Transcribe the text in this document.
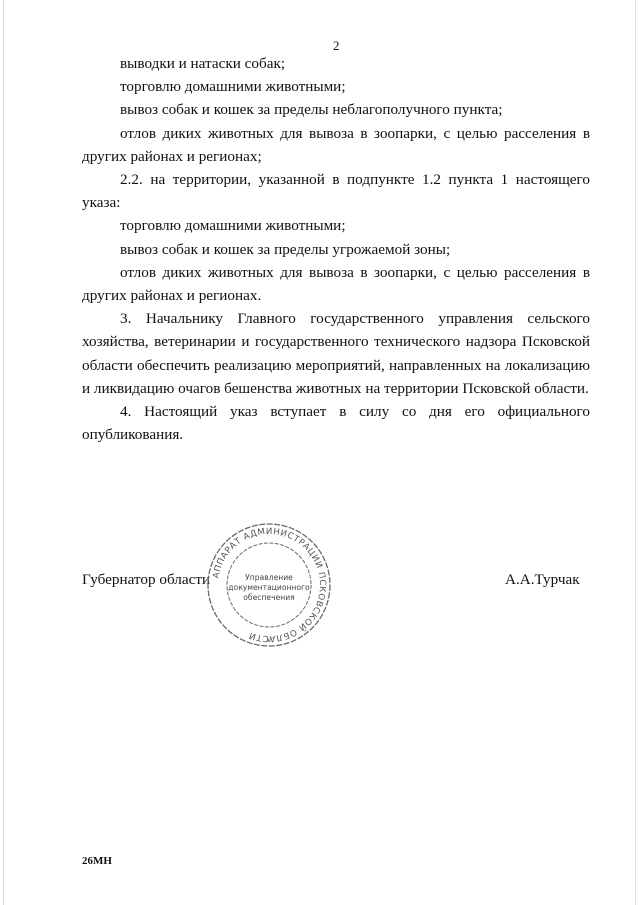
2

выводки и натаски собак;

торговлю домашними животными;

вывоз собак и кошек за пределы неблагополучного пункта;

отлов диких животных для вывоза в зоопарки, с целью расселения в других районах и регионах;

2.2. на территории, указанной в подпункте 1.2 пункта 1 настоящего указа:

торговлю домашними животными;

вывоз собак и кошек за пределы угрожаемой зоны;

отлов диких животных для вывоза в зоопарки, с целью расселения в других районах и регионах.

3. Начальнику Главного государственного управления сельского хозяйства, ветеринарии и государственного технического надзора Псковской области обеспечить реализацию мероприятий, направленных на локализацию и ликвидацию очагов бешенства животных на территории Псковской области.

4. Настоящий указ вступает в силу со дня его официального опубликования.

Губернатор области	А.А.Турчак
АППАРАТ АДМИНИСТРАЦИИ ПСКОВСКОЙ ОБЛАСТИ
Управление
документационного
обеспечения
*
26МН
